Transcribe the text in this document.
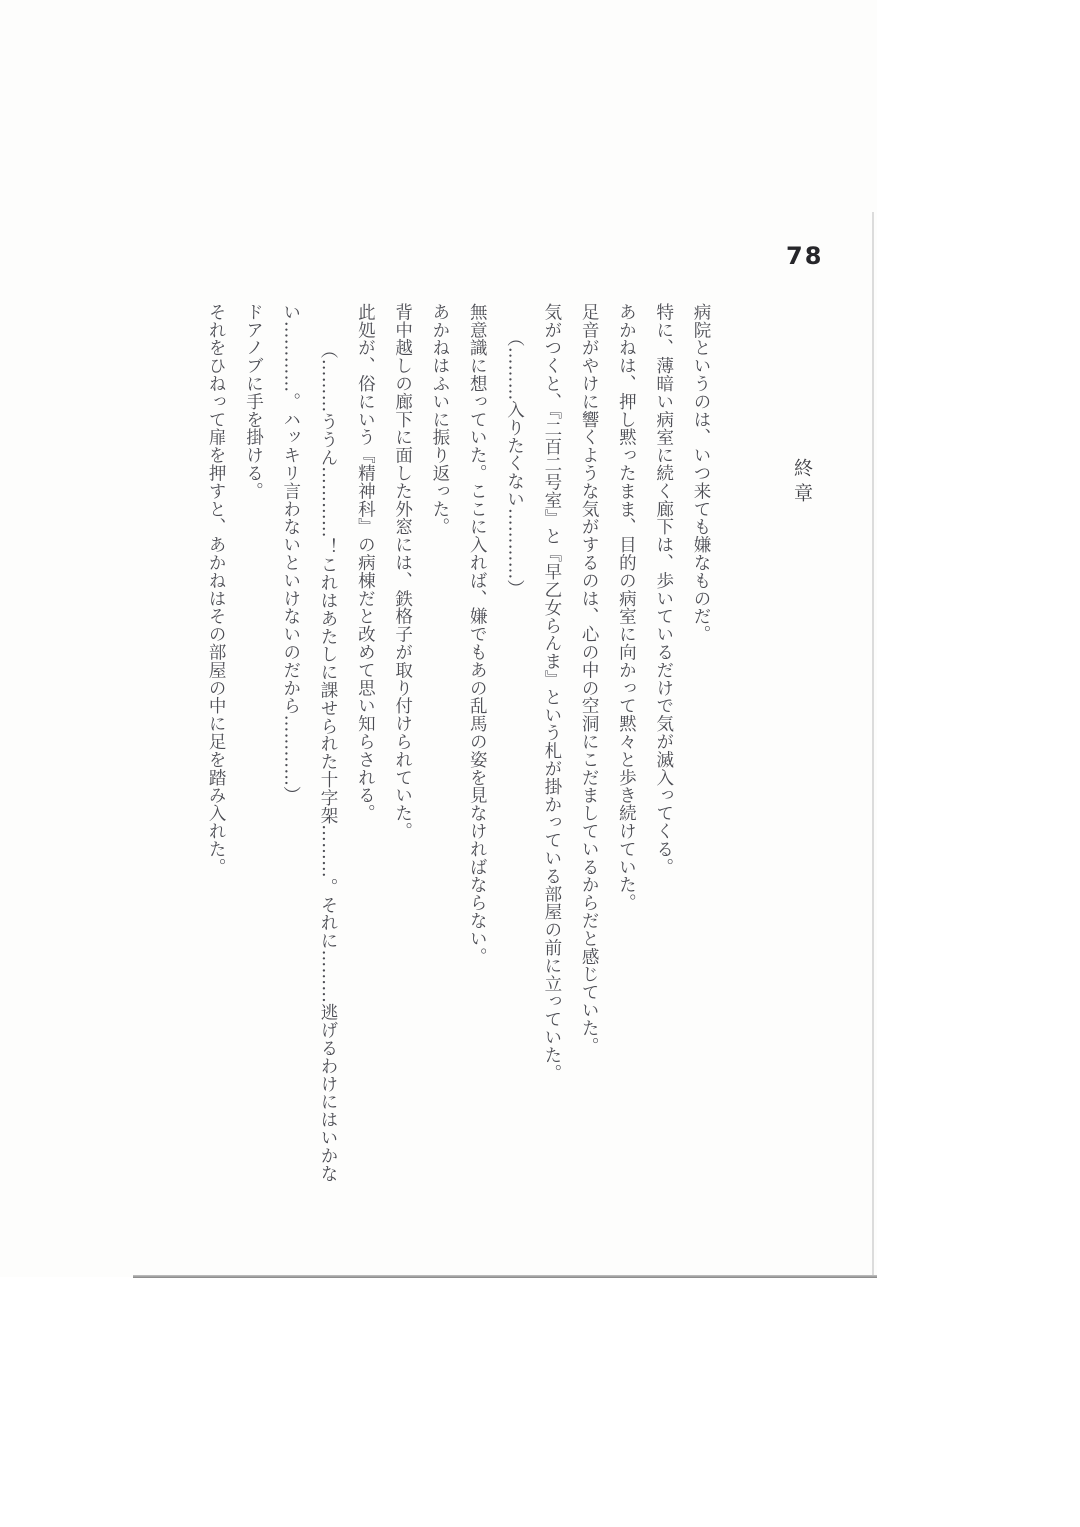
78
終章

病院というのは、いつ来ても嫌なものだ。

特に、薄暗い病室に続く廊下は、歩いているだけで気が滅入ってくる。

あかねは、押し黙ったまま、目的の病室に向かって黙々と歩き続けていた。

足音がやけに響くような気がするのは、心の中の空洞にこだましているからだと感じていた。

気がつくと、『二百二号室』と『早乙女らんま』という札が掛かっている部屋の前に立っていた。

（………入りたくない…………）

無意識に想っていた。ここに入れば、嫌でもあの乱馬の姿を見なければならない。

あかねはふいに振り返った。

背中越しの廊下に面した外窓には、鉄格子が取り付けられていた。

此処が、俗にいう『精神科』の病棟だと改めて思い知らされる。

（………ううん…………！これはあたしに課せられた十字架………。それに………逃げるわけにはいかな

い…………。ハッキリ言わないといけないのだから…………）

ドアノブに手を掛ける。

それをひねって扉を押すと、あかねはその部屋の中に足を踏み入れた。
